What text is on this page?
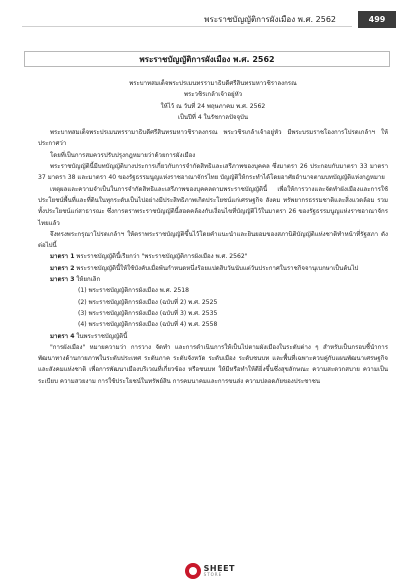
พระราชบัญญัติการผังเมือง พ.ศ. 2562	499
พระราชบัญญัติการผังเมือง พ.ศ. 2562
พระบาทสมเด็จพระปรเมนทรรามาธิบดีศรีสินทรมหาวชิราลงกรณ
พระวชิรเกล้าเจ้าอยู่หัว
ให้ไว้ ณ วันที่ 24 พฤษภาคม พ.ศ. 2562
เป็นปีที่ 4 ในรัชกาลปัจจุบัน
พระบาทสมเด็จพระปรเมนทรรามาธิบดีศรีสินทรมหาวชิราลงกรณ พระวชิรเกล้าเจ้าอยู่หัว มีพระบรมราชโองการโปรดเกล้าฯ ให้ประกาศว่า
โดยที่เป็นการสมควรปรับปรุงกฎหมายว่าด้วยการผังเมือง
พระราชบัญญัตินี้มีบทบัญญัติบางประการเกี่ยวกับการจำกัดสิทธิและเสรีภาพของบุคคล ซึ่งมาตรา 26 ประกอบกับมาตรา 33 มาตรา 37 มาตรา 38 และมาตรา 40 ของรัฐธรรมนูญแห่งราชอาณาจักรไทย บัญญัติให้กระทำได้โดยอาศัยอำนาจตามบทบัญญัติแห่งกฎหมาย
เหตุผลและความจำเป็นในการจำกัดสิทธิและเสรีภาพของบุคคลตามพระราชบัญญัตินี้ เพื่อให้การวางและจัดทำผังเมืองและการใช้ประโยชน์พื้นที่และที่ดินในทุกระดับเป็นไปอย่างมีประสิทธิภาพเกิดประโยชน์แก่เศรษฐกิจ สังคม ทรัพยากรธรรมชาติและสิ่งแวดล้อม รวมทั้งประโยชน์แก่สาธารณะ ซึ่งการตราพระราชบัญญัตินี้สอดคล้องกับเงื่อนไขที่บัญญัติไว้ในมาตรา 26 ของรัฐธรรมนูญแห่งราชอาณาจักรไทยแล้ว
จึงทรงพระกรุณาโปรดเกล้าฯ ให้ตราพระราชบัญญัติขึ้นไว้โดยคำแนะนำและยินยอมของสภานิติบัญญัติแห่งชาติทำหน้าที่รัฐสภา ดังต่อไปนี้
มาตรา 1 พระราชบัญญัตินี้เรียกว่า "พระราชบัญญัติการผังเมือง พ.ศ. 2562"
มาตรา 2 พระราชบัญญัตินี้ให้ใช้บังคับเมื่อพ้นกำหนดหนึ่งร้อยแปดสิบวันนับแต่วันประกาศในราชกิจจานุเบกษาเป็นต้นไป
มาตรา 3 ให้ยกเลิก
(1) พระราชบัญญัติการผังเมือง พ.ศ. 2518
(2) พระราชบัญญัติการผังเมือง (ฉบับที่ 2) พ.ศ. 2525
(3) พระราชบัญญัติการผังเมือง (ฉบับที่ 3) พ.ศ. 2535
(4) พระราชบัญญัติการผังเมือง (ฉบับที่ 4) พ.ศ. 2558
มาตรา 4 ในพระราชบัญญัตินี้
"การผังเมือง" หมายความว่า การวาง จัดทำ และการดำเนินการให้เป็นไปตามผังเมืองในระดับต่าง ๆ สำหรับเป็นกรอบชี้นำการพัฒนาทางด้านกายภาพในระดับประเทศ ระดับภาค ระดับจังหวัด ระดับเมือง ระดับชนบท และพื้นที่เฉพาะควบคู่กับแผนพัฒนาเศรษฐกิจและสังคมแห่งชาติ เพื่อการพัฒนาเมืองบริเวณที่เกี่ยวข้อง หรือชนบท ให้มีหรือทำให้ดียิ่งขึ้นซึ่งสุขลักษณะ ความสะดวกสบาย ความเป็นระเบียบ ความสวยงาม การใช้ประโยชน์ในทรัพย์สิน การคมนาคมและการขนส่ง ความปลอดภัยของประชาชน
SHEET
STORE
